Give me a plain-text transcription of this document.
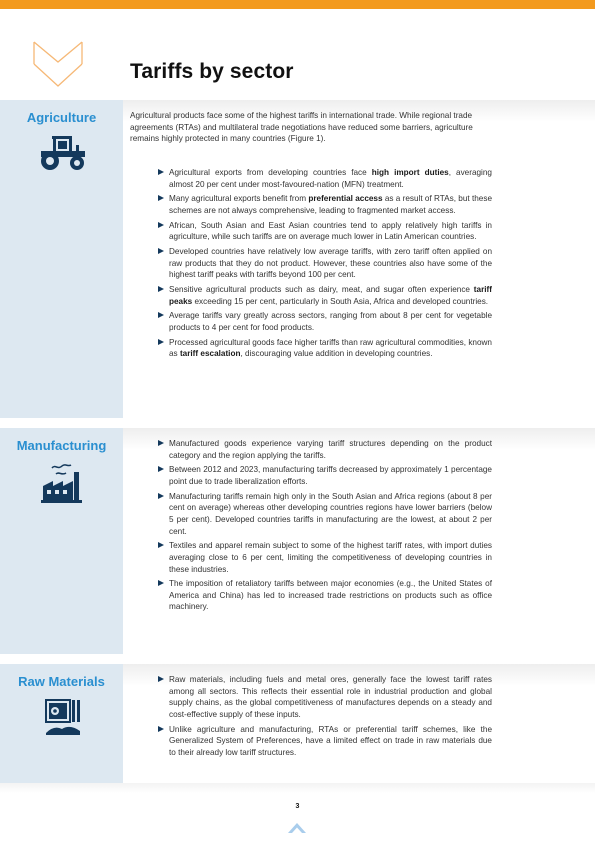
Tariffs by sector
Agriculture	Agricultural products face some of the highest tariffs in international trade. While regional trade agreements (RTAs) and multilateral trade negotiations have reduced some barriers, agriculture remains highly protected in many countries (Figure 1).

Agricultural exports from developing countries face high import duties, averaging almost 20 per cent under most-favoured-nation (MFN) treatment.
Many agricultural exports benefit from preferential access as a result of RTAs, but these schemes are not always comprehensive, leading to fragmented market access.
African, South Asian and East Asian countries tend to apply relatively high tariffs in agriculture, while such tariffs are on average much lower in Latin American countries.
Developed countries have relatively low average tariffs, with zero tariff often applied on raw products that they do not product. However, these countries also have some of the highest tariff peaks with tariffs beyond 100 per cent.
Sensitive agricultural products such as dairy, meat, and sugar often experience tariff peaks exceeding 15 per cent, particularly in South Asia, Africa and developed countries.
Average tariffs vary greatly across sectors, ranging from about 8 per cent for vegetable products to 4 per cent for food products.
Processed agricultural goods face higher tariffs than raw agricultural commodities, known as tariff escalation, discouraging value addition in developing countries.
Manufacturing	Manufactured goods experience varying tariff structures depending on the product category and the region applying the tariffs.
Between 2012 and 2023, manufacturing tariffs decreased by approximately 1 percentage point due to trade liberalization efforts.
Manufacturing tariffs remain high only in the South Asian and Africa regions (about 8 per cent on average) whereas other developing countries regions have lower barriers (below 5 per cent). Developed countries tariffs in manufacturing are the lowest, at about 2 per cent.
Textiles and apparel remain subject to some of the highest tariff rates, with import duties averaging close to 6 per cent, limiting the competitiveness of developing countries in these industries.
The imposition of retaliatory tariffs between major economies (e.g., the United States of America and China) has led to increased trade restrictions on products such as office machinery.
Raw Materials	Raw materials, including fuels and metal ores, generally face the lowest tariff rates among all sectors. This reflects their essential role in industrial production and global supply chains, as the global competitiveness of manufactures depends on a steady and cost-effective supply of these inputs.
Unlike agriculture and manufacturing, RTAs or preferential tariff schemes, like the Generalized System of Preferences, have a limited effect on trade in raw materials due to their already low tariff structures.
3
